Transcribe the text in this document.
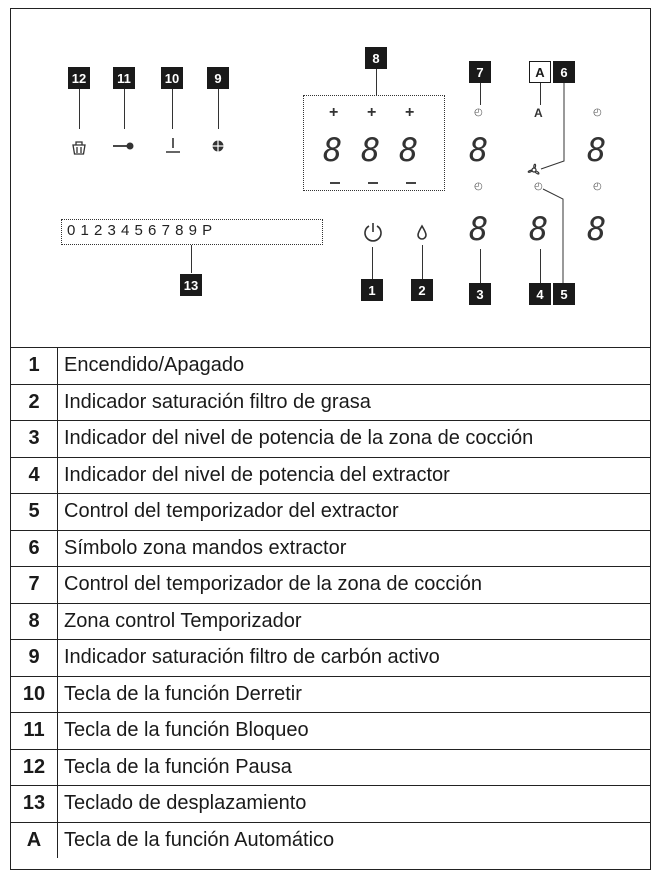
12	11	10	9
8
+ + +
8 8 8
0 1 2 3 4 5 6 7 8 9 P
13	1	2
7
◴
8
◴
8
3
A	6
A
◴
8
4
◴
8
◴
8
5
1	Encendido/Apagado
2	Indicador saturación filtro de grasa
3	Indicador del nivel de potencia de la zona de cocción
4	Indicador del nivel de potencia del extractor
5	Control del temporizador del extractor
6	Símbolo zona mandos extractor
7	Control del temporizador de la zona de cocción
8	Zona control Temporizador
9	Indicador saturación filtro de carbón activo
10	Tecla de la función Derretir
11	Tecla de la función Bloqueo
12	Tecla de la función Pausa
13	Teclado de desplazamiento
A	Tecla de la función Automático
